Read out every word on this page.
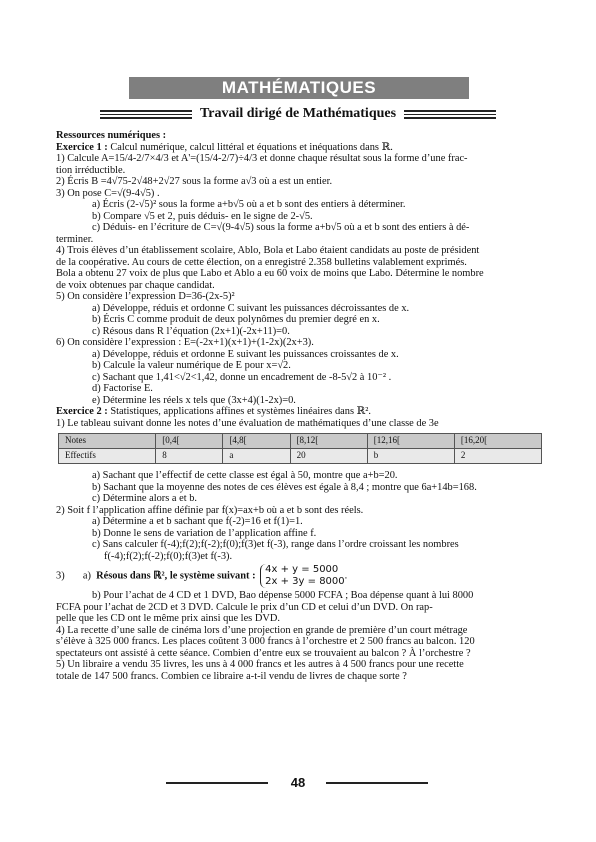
MATHÉMATIQUES
Travail dirigé de Mathématiques

Ressources numériques :

Exercice 1 : Calcul numérique, calcul littéral et équations et inéquations dans ℝ.

1) Calcule A=15/4-2/7×4/3 et A'=(15/4-2/7)÷4/3 et donne chaque résultat sous la forme d’une frac-

tion irréductible.

2) Écris B =4√75-2√48+2√27 sous la forme a√3 où a est un entier.

3) On pose C=√(9-4√5) .

a) Écris (2-√5)² sous la forme a+b√5 où a et b sont des entiers à déterminer.

b) Compare √5 et 2, puis déduis- en le signe de 2-√5.

c) Déduis- en l’écriture de C=√(9-4√5) sous la forme a+b√5 où a et b sont des entiers à dé-

terminer.

4) Trois élèves d’un établissement scolaire, Ablo, Bola et Labo étaient candidats au poste de président

de la coopérative. Au cours de cette élection, on a enregistré 2.358 bulletins valablement exprimés.

Bola a obtenu 27 voix de plus que Labo et Ablo a eu 60 voix de moins que Labo. Détermine le nombre

de voix obtenues par chaque candidat.

5) On considère l’expression D=36-(2x-5)²

a) Développe, réduis et ordonne C suivant les puissances décroissantes de x.

b) Écris C comme produit de deux polynômes du premier degré en x.

c) Résous dans R l’équation (2x+1)(-2x+11)=0.

6) On considère l’expression : E=(-2x+1)(x+1)+(1-2x)(2x+3).

a) Développe, réduis et ordonne E suivant les puissances croissantes de x.

b) Calcule la valeur numérique de E pour x=√2.

c) Sachant que 1,41<√2<1,42, donne un encadrement de -8-5√2 à 10⁻² .

d) Factorise E.

e) Détermine les réels x tels que (3x+4)(1-2x)=0.

Exercice 2 : Statistiques, applications affines et systèmes linéaires dans ℝ².

1) Le tableau suivant donne les notes d’une évaluation de mathématiques d’une classe de 3e

Notes	[0,4[	[4,8[	[8,12[	[12,16[	[16,20[
Effectifs	8	a	20	b	2

a) Sachant que l’effectif de cette classe est égal à 50, montre que a+b=20.

b) Sachant que la moyenne des notes de ces élèves est égale à 8,4 ; montre que 6a+14b=168.

c) Détermine alors a et b.

2) Soit f l’application affine définie par f(x)=ax+b où a et b sont des réels.

a) Détermine a et b sachant que f(-2)=16 et f(1)=1.

b) Donne le sens de variation de l’application affine f.

c) Sans calculer f(-4);f(2);f(-2);f(0);f(3)et f(-3), range dans l’ordre croissant les nombres

f(-4);f(2);f(-2);f(0);f(3)et f(-3).

3) a) Résous dans ℝ², le système suivant :
4x + y = 5000
2x + 3y = 8000
.

b) Pour l’achat de 4 CD et 1 DVD, Bao dépense 5000 FCFA ; Boa dépense quant à lui 8000

FCFA pour l’achat de 2CD et 3 DVD. Calcule le prix d’un CD et celui d’un DVD. On rap-

pelle que les CD ont le même prix ainsi que les DVD.

4) La recette d’une salle de cinéma lors d’une projection en grande de première d’un court métrage

s’élève à 325 000 francs. Les places coûtent 3 000 francs à l’orchestre et 2 500 francs au balcon. 120

spectateurs ont assisté à cette séance. Combien d’entre eux se trouvaient au balcon ? À l’orchestre ?

5) Un libraire a vendu 35 livres, les uns à 4 000 francs et les autres à 4 500 francs pour une recette

totale de 147 500 francs. Combien ce libraire a-t-il vendu de livres de chaque sorte ?

48
